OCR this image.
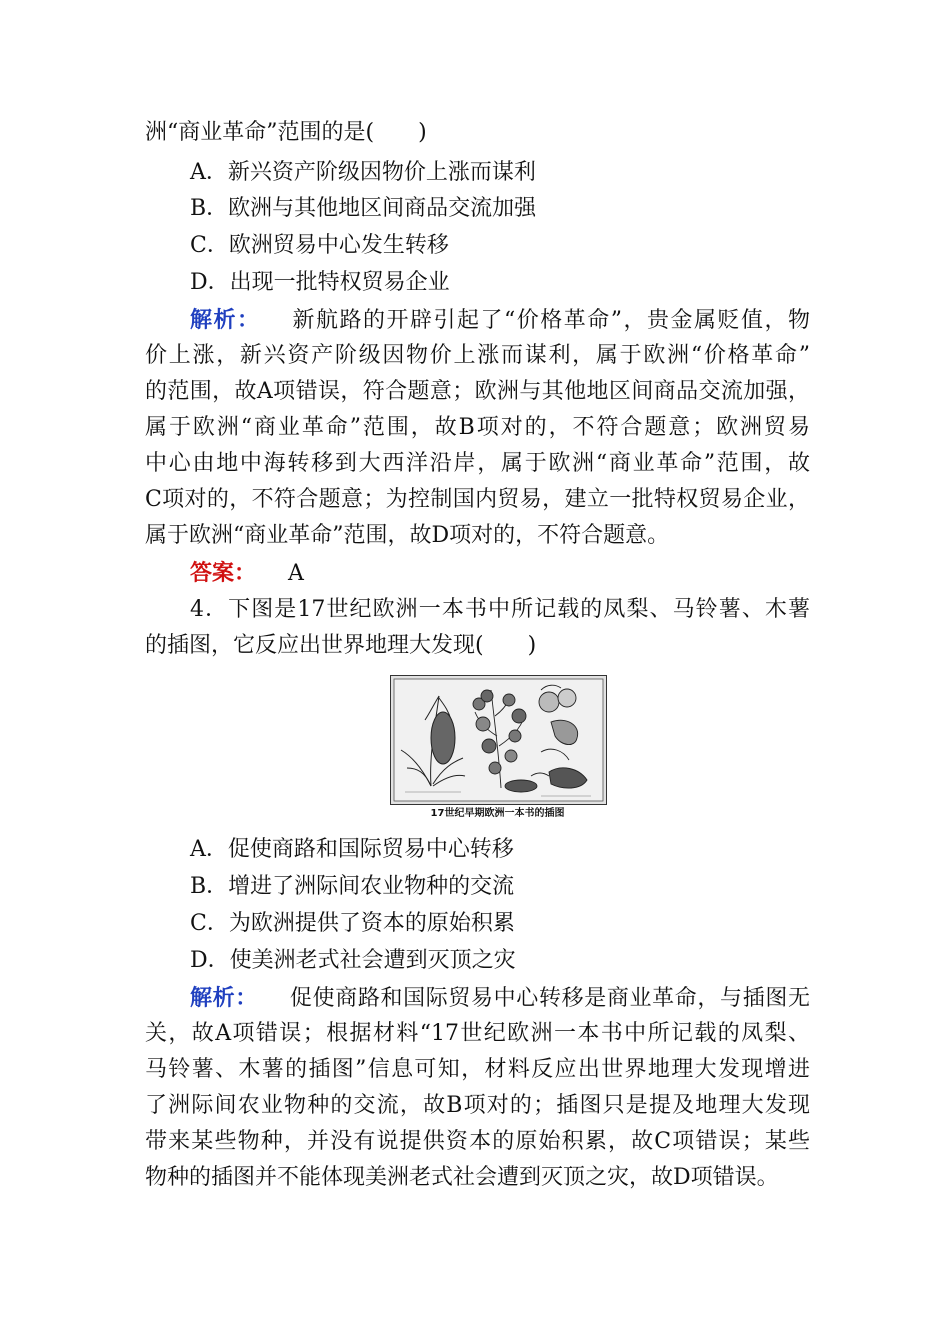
洲“商业革命”范围的是(　　)
A．新兴资产阶级因物价上涨而谋利
B．欧洲与其他地区间商品交流加强
C．欧洲贸易中心发生转移
D．出现一批特权贸易企业
解析： 新航路的开辟引起了“价格革命”，贵金属贬值，物
价上涨，新兴资产阶级因物价上涨而谋利，属于欧洲“价格革命”
的范围，故A项错误，符合题意；欧洲与其他地区间商品交流加强，
属于欧洲“商业革命”范围，故B项对的，不符合题意；欧洲贸易
中心由地中海转移到大西洋沿岸，属于欧洲“商业革命”范围，故
C项对的，不符合题意；为控制国内贸易，建立一批特权贸易企业，
属于欧洲“商业革命”范围，故D项对的，不符合题意。
答案： A
4．下图是17世纪欧洲一本书中所记载的凤梨、马铃薯、木薯
的插图，它反应出世界地理大发现(　　)
17世纪早期欧洲一本书的插图
A．促使商路和国际贸易中心转移
B．增进了洲际间农业物种的交流
C．为欧洲提供了资本的原始积累
D．使美洲老式社会遭到灭顶之灾
解析： 促使商路和国际贸易中心转移是商业革命，与插图无
关，故A项错误；根据材料“17世纪欧洲一本书中所记载的凤梨、
马铃薯、木薯的插图”信息可知，材料反应出世界地理大发现增进
了洲际间农业物种的交流，故B项对的；插图只是提及地理大发现
带来某些物种，并没有说提供资本的原始积累，故C项错误；某些
物种的插图并不能体现美洲老式社会遭到灭顶之灾，故D项错误。
